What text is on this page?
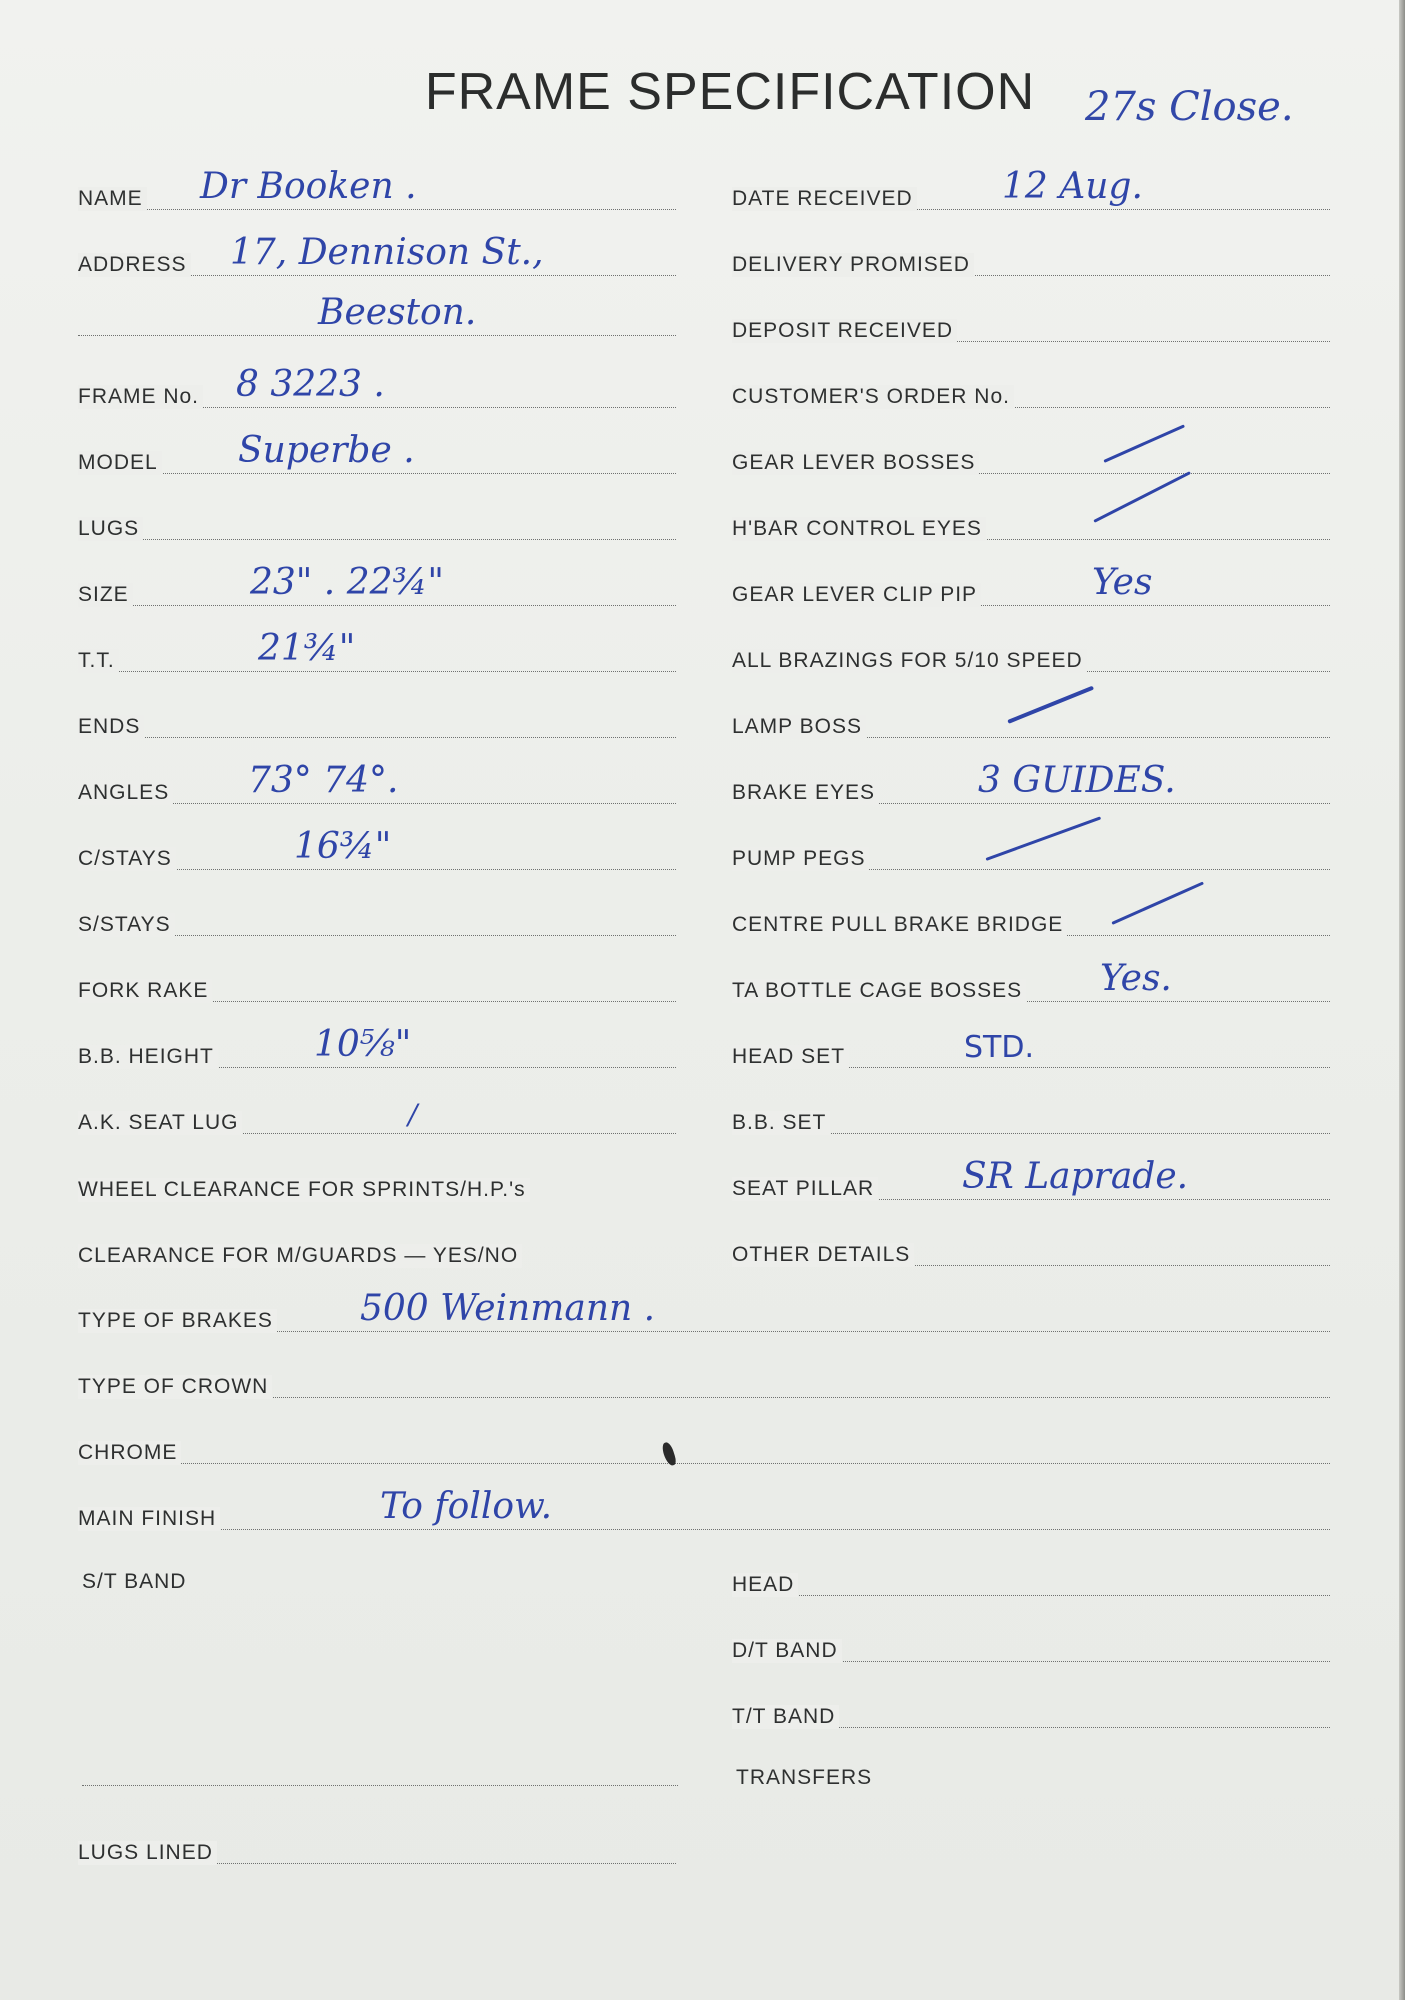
FRAME SPECIFICATION	27s Close.
NAME Dr Booken .
ADDRESS 17, Dennison St.,
Beeston.
FRAME No. 8 3223 .
MODEL Superbe .
LUGS
SIZE	23" . 22¾"
T.T.	21¾"
ENDS
ANGLES 73° 74°.
C/STAYS	16¾"
S/STAYS
FORK RAKE
B.B. HEIGHT	10⅝"
A.K. SEAT LUG	/
WHEEL CLEARANCE FOR SPRINTS/H.P.'s
CLEARANCE FOR M/GUARDS — YES/NO
TYPE OF BRAKES 500 Weinmann .
TYPE OF CROWN
CHROME
MAIN FINISH	To follow.
S/T BAND
LUGS LINED
DATE RECEIVED 12 Aug.
DELIVERY PROMISED
DEPOSIT RECEIVED
CUSTOMER'S ORDER No.
GEAR LEVER BOSSES
H'BAR CONTROL EYES
GEAR LEVER CLIP PIP	Yes
ALL BRAZINGS FOR 5/10 SPEED
LAMP BOSS
BRAKE EYES	3 GUIDES.
PUMP PEGS
CENTRE PULL BRAKE BRIDGE
TA BOTTLE CAGE BOSSES Yes.
HEAD SET	STD.
B.B. SET
SEAT PILLAR SR Laprade.
OTHER DETAILS
HEAD
D/T BAND
T/T BAND
TRANSFERS
